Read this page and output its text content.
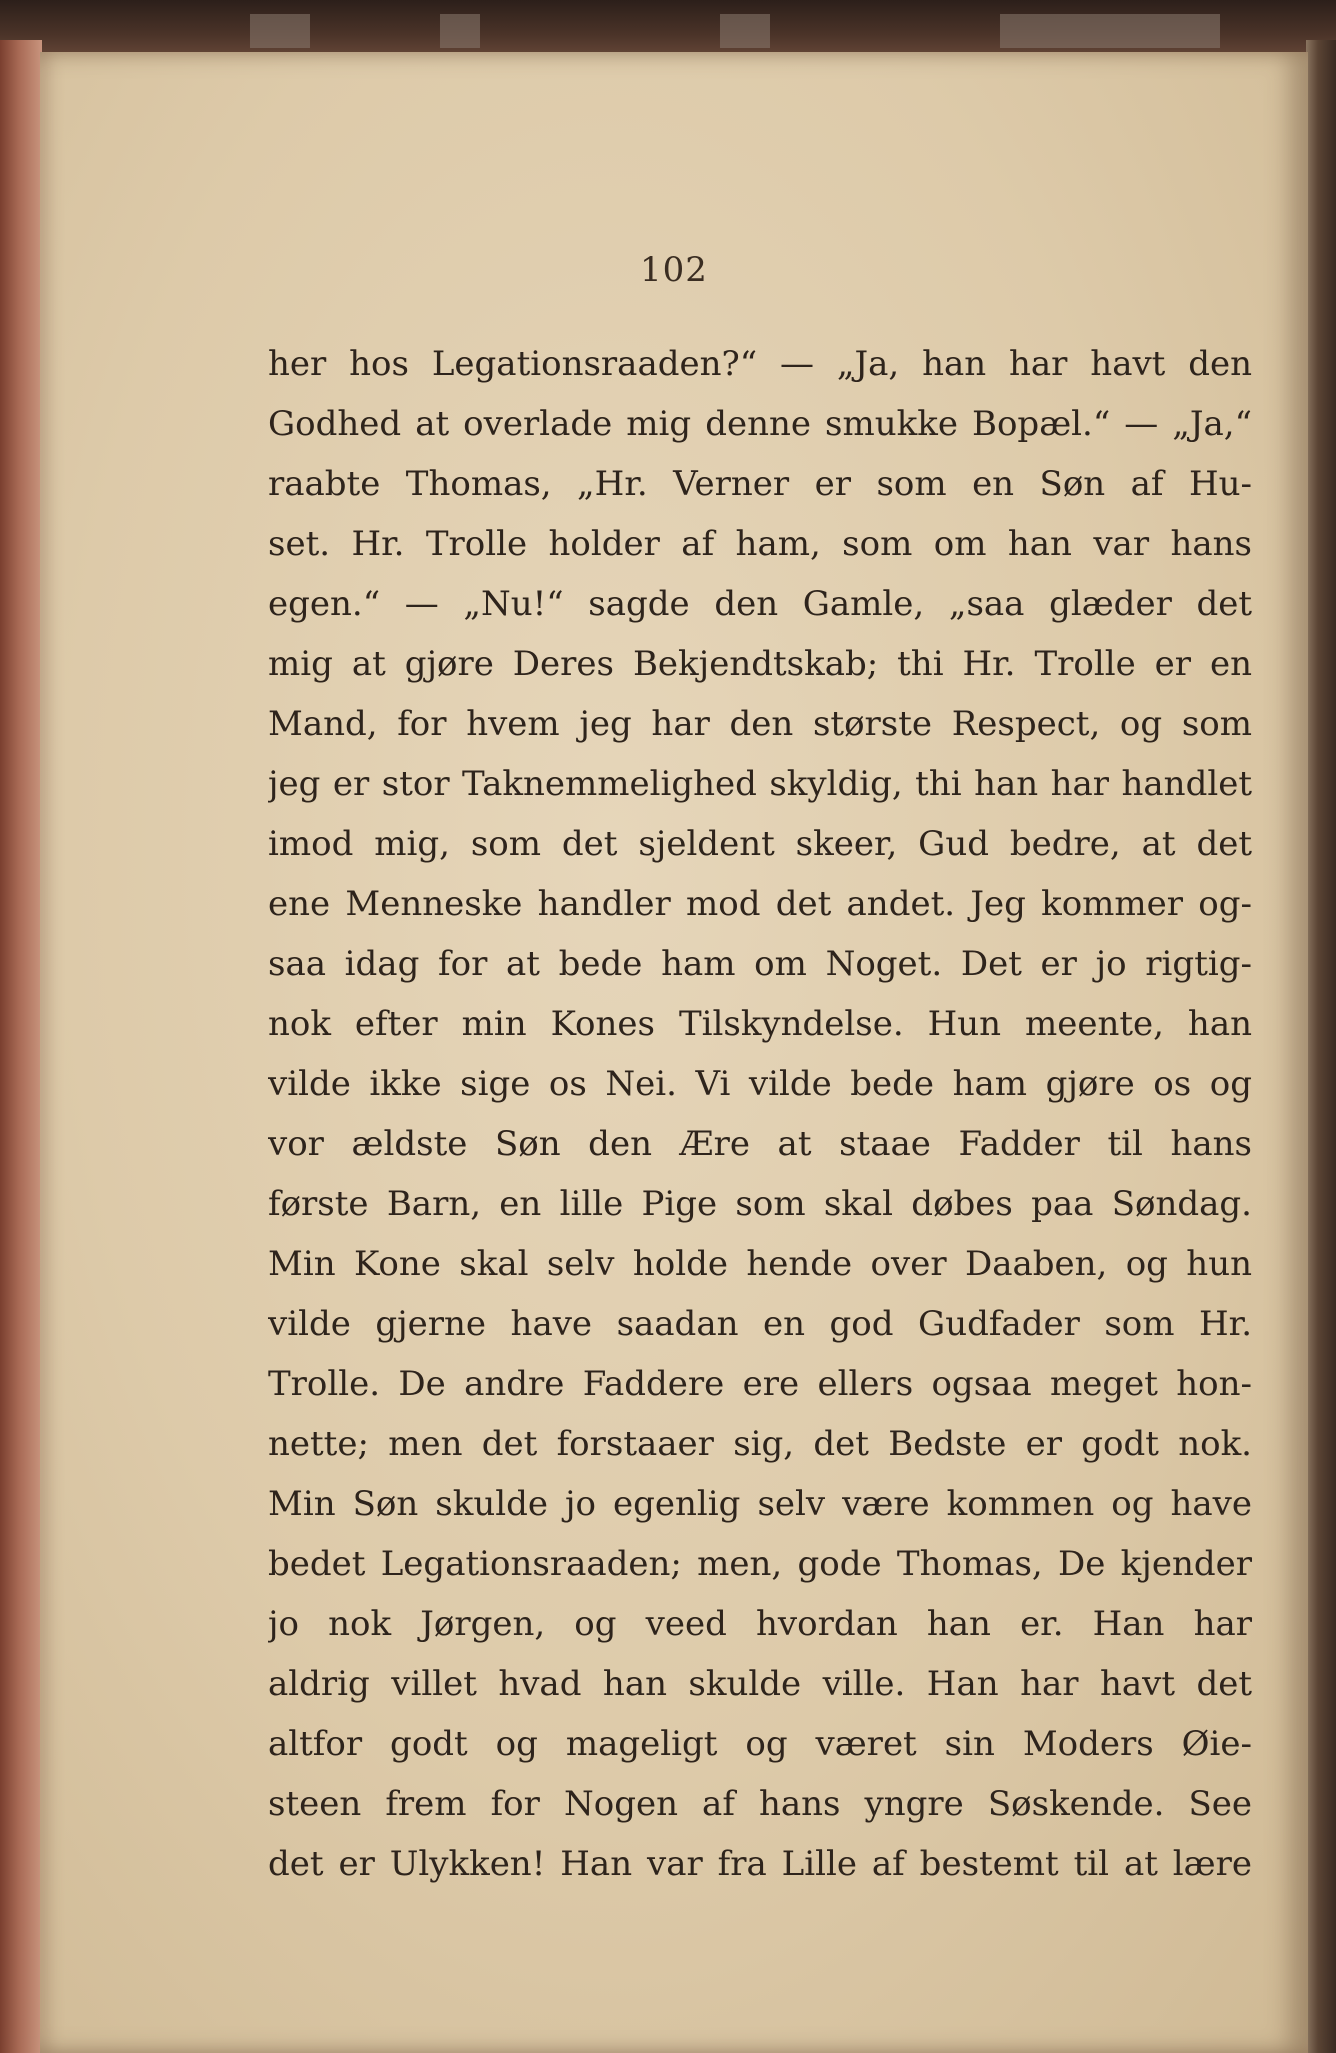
102
her hos Legationsraaden?“ — „Ja, han har havt den
Godhed at overlade mig denne smukke Bopæl.“ — „Ja,“
raabte Thomas, „Hr. Verner er som en Søn af Hu-
set. Hr. Trolle holder af ham, som om han var hans
egen.“ — „Nu!“ sagde den Gamle, „saa glæder det
mig at gjøre Deres Bekjendtskab; thi Hr. Trolle er en
Mand, for hvem jeg har den største Respect, og som
jeg er stor Taknemmelighed skyldig, thi han har handlet
imod mig, som det sjeldent skeer, Gud bedre, at det
ene Menneske handler mod det andet. Jeg kommer og-
saa idag for at bede ham om Noget. Det er jo rigtig-
nok efter min Kones Tilskyndelse. Hun meente, han
vilde ikke sige os Nei. Vi vilde bede ham gjøre os og
vor ældste Søn den Ære at staae Fadder til hans
første Barn, en lille Pige som skal døbes paa Søndag.
Min Kone skal selv holde hende over Daaben, og hun
vilde gjerne have saadan en god Gudfader som Hr.
Trolle. De andre Faddere ere ellers ogsaa meget hon-
nette; men det forstaaer sig, det Bedste er godt nok.
Min Søn skulde jo egenlig selv være kommen og have
bedet Legationsraaden; men, gode Thomas, De kjender
jo nok Jørgen, og veed hvordan han er. Han har
aldrig villet hvad han skulde ville. Han har havt det
altfor godt og mageligt og været sin Moders Øie-
steen frem for Nogen af hans yngre Søskende. See
det er Ulykken! Han var fra Lille af bestemt til at lære
